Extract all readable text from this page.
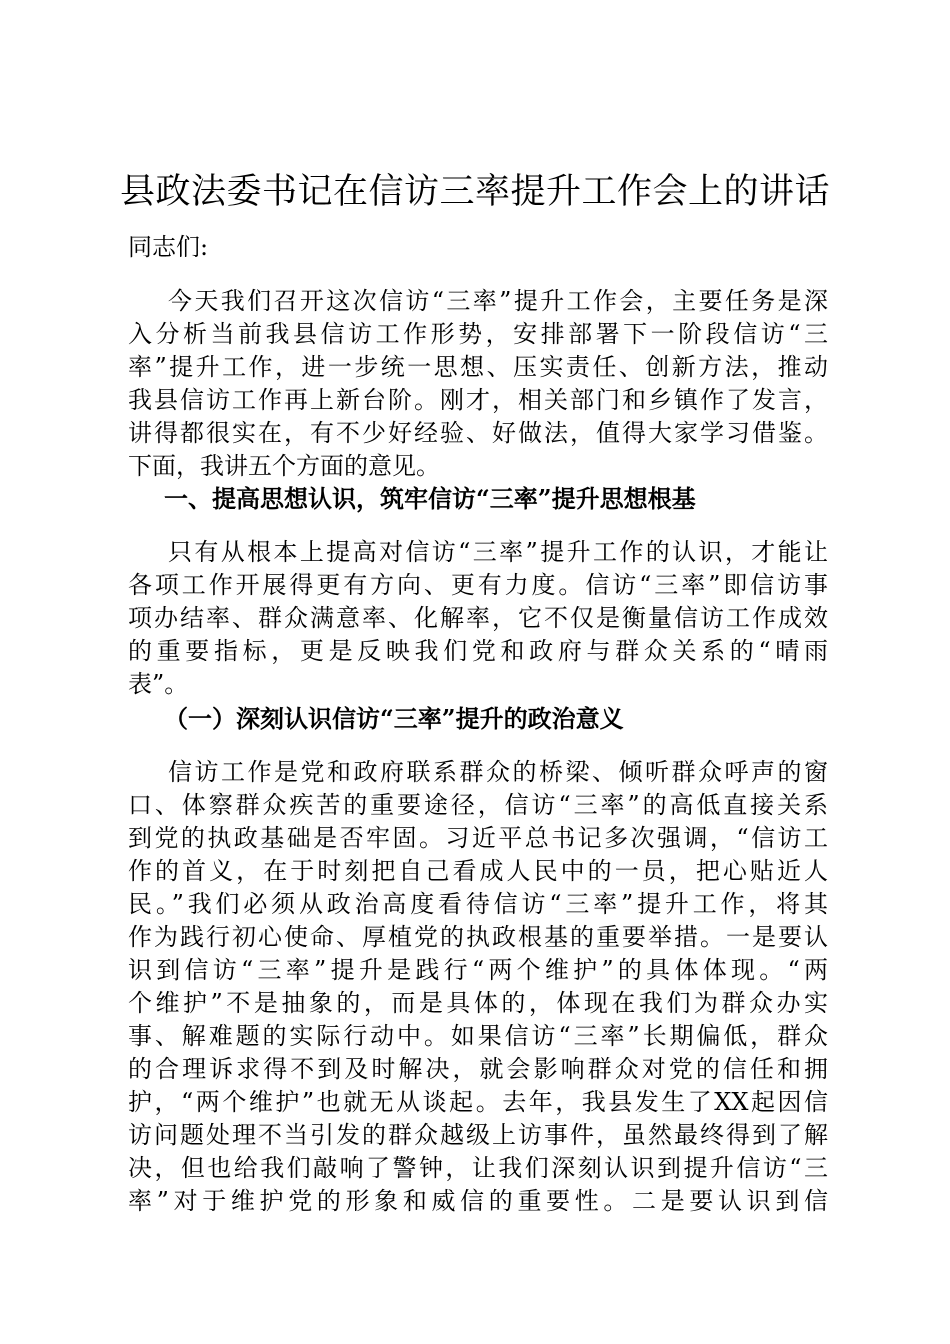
县政法委书记在信访三率提升工作会上的讲话
同志们:
今天我们召开这次信访“三率”提升工作会，主要任务是深
入分析当前我县信访工作形势，安排部署下一阶段信访“三
率”提升工作，进一步统一思想、压实责任、创新方法，推动
我县信访工作再上新台阶。刚才，相关部门和乡镇作了发言，
讲得都很实在，有不少好经验、好做法，值得大家学习借鉴。
下面，我讲五个方面的意见。
一、提高思想认识，筑牢信访“三率”提升思想根基
只有从根本上提高对信访“三率”提升工作的认识，才能让
各项工作开展得更有方向、更有力度。信访“三率”即信访事
项办结率、群众满意率、化解率，它不仅是衡量信访工作成效
的重要指标，更是反映我们党和政府与群众关系的“晴雨
表”。
（一）深刻认识信访“三率”提升的政治意义
信访工作是党和政府联系群众的桥梁、倾听群众呼声的窗
口、体察群众疾苦的重要途径，信访“三率”的高低直接关系
到党的执政基础是否牢固。习近平总书记多次强调，“信访工
作的首义，在于时刻把自己看成人民中的一员，把心贴近人
民。”我们必须从政治高度看待信访“三率”提升工作，将其
作为践行初心使命、厚植党的执政根基的重要举措。一是要认
识到信访“三率”提升是践行“两个维护”的具体体现。“两
个维护”不是抽象的，而是具体的，体现在我们为群众办实
事、解难题的实际行动中。如果信访“三率”长期偏低，群众
的合理诉求得不到及时解决，就会影响群众对党的信任和拥
护，“两个维护”也就无从谈起。去年，我县发生了XX起因信
访问题处理不当引发的群众越级上访事件，虽然最终得到了解
决，但也给我们敲响了警钟，让我们深刻认识到提升信访“三
率”对于维护党的形象和威信的重要性。二是要认识到信
